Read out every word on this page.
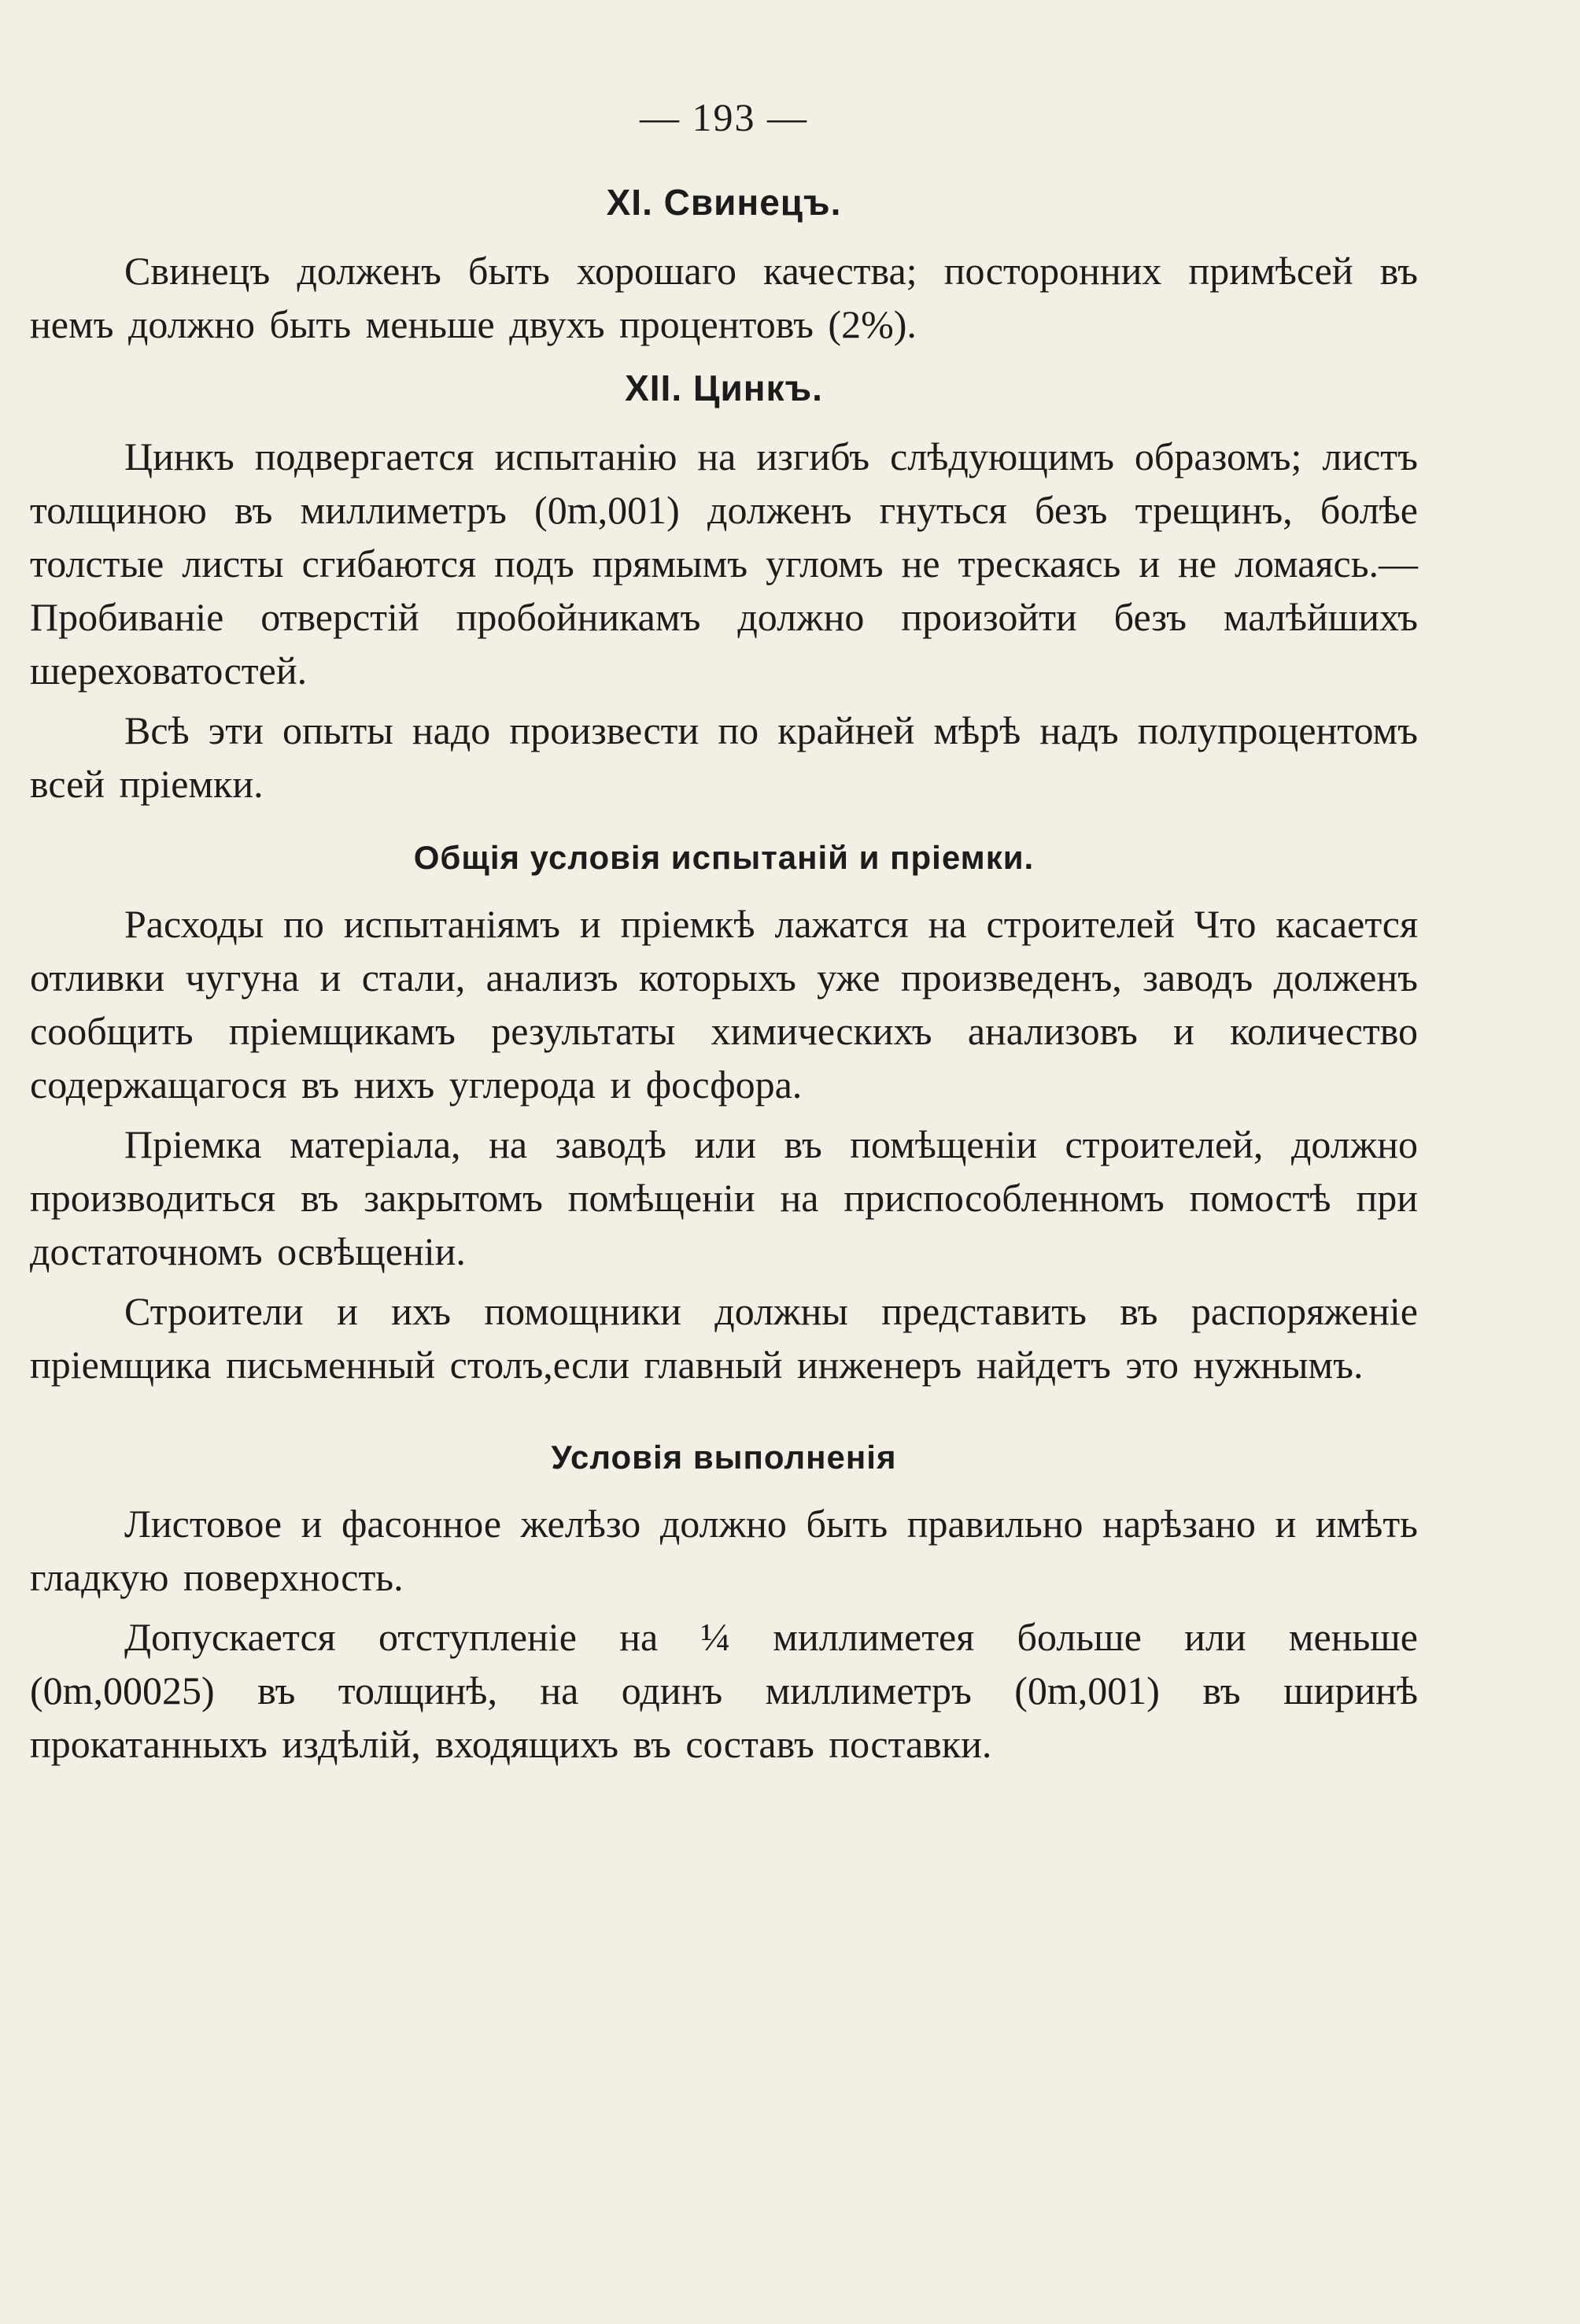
— 193 —
XI. Свинецъ.

Свинецъ долженъ быть хорошаго качества; посторонних примѣсей въ немъ должно быть меньше двухъ процентовъ (2%).

XII. Цинкъ.

Цинкъ подвергается испытанію на изгибъ слѣдующимъ образомъ; листъ толщиною въ миллиметръ (0m,001) долженъ гнуться безъ трещинъ, болѣе толстые листы сгибаются подъ прямымъ угломъ не трескаясь и не ломаясь.—Пробиваніе отверстій пробойникамъ должно произойти безъ малѣйшихъ шереховатостей.

Всѣ эти опыты надо произвести по крайней мѣрѣ надъ полупроцентомъ всей пріемки.

Общія условія испытаній и пріемки.

Расходы по испытаніямъ и пріемкѣ лажатся на строителей Что касается отливки чугуна и стали, анализъ которыхъ уже произведенъ, заводъ долженъ сообщить пріемщикамъ результаты химическихъ анализовъ и количество содержащагося въ нихъ углерода и фосфора.

Пріемка матеріала, на заводѣ или въ помѣщеніи строителей, должно производиться въ закрытомъ помѣщеніи на приспособленномъ помостѣ при достаточномъ освѣщеніи.

Строители и ихъ помощники должны представить въ распоряженіе пріемщика письменный столъ,если главный инженеръ найдетъ это нужнымъ.

Условія выполненія

Листовое и фасонное желѣзо должно быть правильно нарѣзано и имѣть гладкую поверхность.

Допускается отступленіе на ¼ миллиметея больше или меньше (0m,00025) въ толщинѣ, на одинъ миллиметръ (0m,001) въ ширинѣ прокатанныхъ издѣлій, входящихъ въ составъ поставки.
